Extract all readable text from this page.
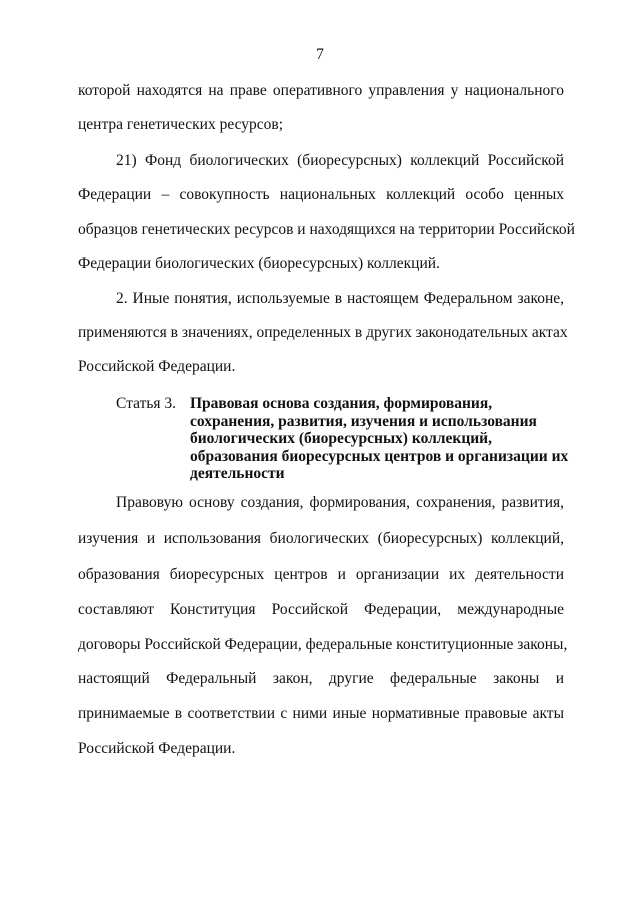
7
которой находятся на праве оперативного управления у национального
центра генетических ресурсов;
21) Фонд биологических (биоресурсных) коллекций Российской
Федерации – совокупность национальных коллекций особо ценных
образцов генетических ресурсов и находящихся на территории Российской
Федерации биологических (биоресурсных) коллекций.
2. Иные понятия, используемые в настоящем Федеральном законе,
применяются в значениях, определенных в других законодательных актах
Российской Федерации.
Статья 3. Правовая основа создания, формирования,
сохранения, развития, изучения и использования
биологических (биоресурсных) коллекций,
образования биоресурсных центров и организации их
деятельности
Правовую основу создания, формирования, сохранения, развития,
изучения и использования биологических (биоресурсных) коллекций,
образования биоресурсных центров и организации их деятельности
составляют Конституция Российской Федерации, международные
договоры Российской Федерации, федеральные конституционные законы,
настоящий Федеральный закон, другие федеральные законы и
принимаемые в соответствии с ними иные нормативные правовые акты
Российской Федерации.
